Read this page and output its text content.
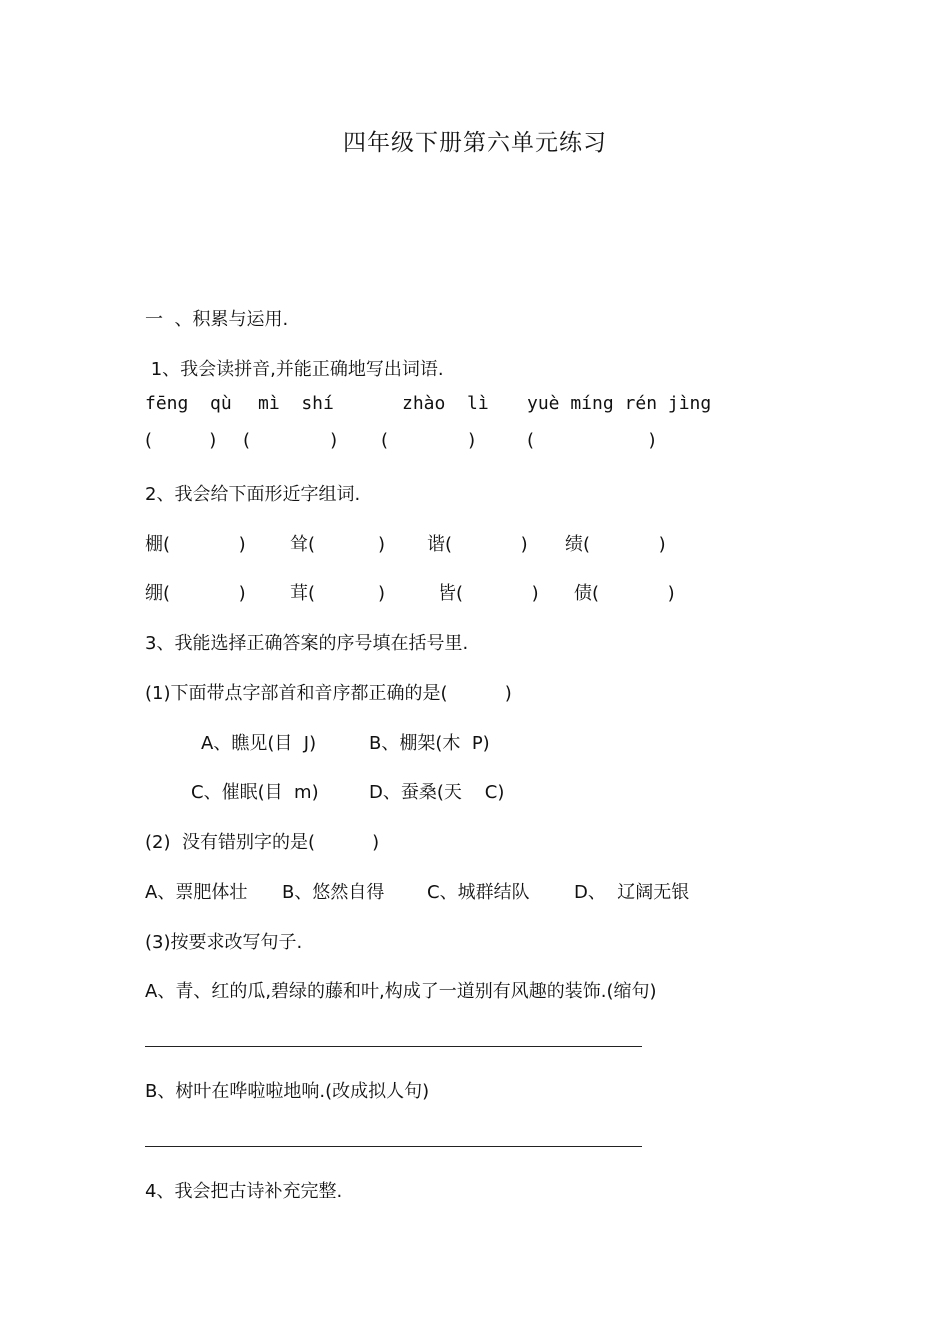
四年级下册第六单元练习
一  、积累与运用.
1、我会读拼音,并能正确地写出词语.
fēng  qù mì  shí	zhào  lì yuè míng rén jìng
(          ) (              ) (              )	(                    )
2、我会给下面形近字组词.
棚(            ) 耸(           ) 谐(            ) 绩(            )
绷(            ) 茸(           )	皆(            ) 债(            )
3、我能选择正确答案的序号填在括号里.
(1)下面带点字部首和音序都正确的是(          )
A、瞧见(目  J)	B、棚架(木  P)
C、催眠(目  m)	D、蚕桑(天    C)
(2)  没有错别字的是(          )
A、票肥体壮 B、悠然自得 C、城群结队 D、  辽阔无银
(3)按要求改写句子.
A、青、红的瓜,碧绿的藤和叶,构成了一道别有风趣的装饰.(缩句)
B、树叶在哗啦啦地响.(改成拟人句)
4、我会把古诗补充完整.
